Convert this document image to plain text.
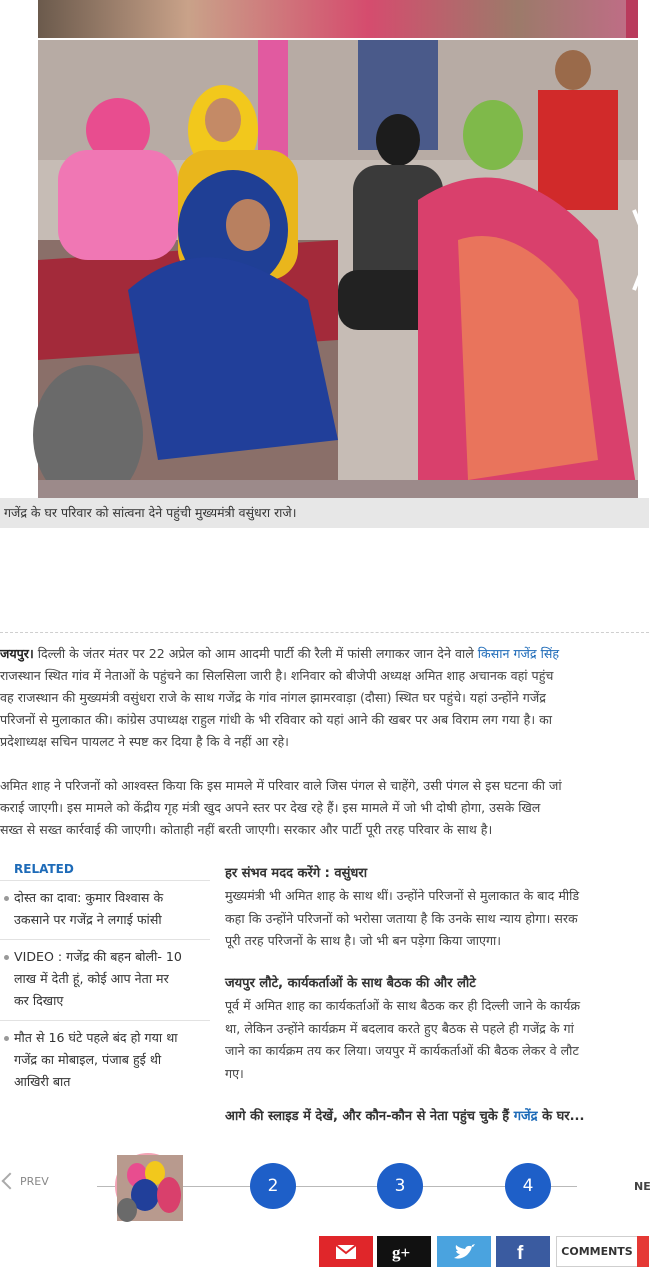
गजेंद्र के घर परिवार को सांत्वना देने पहुंची मुख्यमंत्री वसुंधरा राजे।
जयपुर। दिल्ली के जंतर मंतर पर 22 अप्रेल को आम आदमी पार्टी की रैली में फांसी लगाकर जान देने वाले किसान गजेंद्र सिंह
राजस्थान स्थित गांव में नेताओं के पहुंचने का सिलसिला जारी है। शनिवार को बीजेपी अध्यक्ष अमित शाह अचानक वहां पहुंच
वह राजस्थान की मुख्यमंत्री वसुंधरा राजे के साथ गजेंद्र के गांव नांगल झामरवाड़ा (दौसा) स्थित घर पहुंचे। यहां उन्होंने गजेंद्र
परिजनों से मुलाकात की। कांग्रेस उपाध्यक्ष राहुल गांधी के भी रविवार को यहां आने की खबर पर अब विराम लग गया है। का
प्रदेशाध्यक्ष सचिन पायलट ने स्पष्ट कर दिया है कि वे नहीं आ रहे।
अमित शाह ने परिजनों को आश्वस्त किया कि इस मामले में परिवार वाले जिस पंगल से चाहेंगे, उसी पंगल से इस घटना की जां
कराई जाएगी। इस मामले को केंद्रीय गृह मंत्री खुद अपने स्तर पर देख रहे हैं। इस मामले में जो भी दोषी होगा, उसके खिल
सख्त से सख्त कार्रवाई की जाएगी। कोताही नहीं बरती जाएगी। सरकार और पार्टी पूरी तरह परिवार के साथ है।
RELATED
दोस्त का दावा: कुमार विश्वास के
उकसाने पर गजेंद्र ने लगाई फांसी
VIDEO : गजेंद्र की बहन बोली- 10
लाख में देती हूं, कोई आप नेता मर
कर दिखाए
मौत से 16 घंटे पहले बंद हो गया था
गजेंद्र का मोबाइल, पंजाब हुई थी
आखिरी बात
हर संभव मदद करेंगे : वसुंधरा
मुख्यमंत्री भी अमित शाह के साथ थीं। उन्होंने परिजनों से मुलाकात के बाद मीडि
कहा कि उन्होंने परिजनों को भरोसा जताया है कि उनके साथ न्याय होगा। सरक
पूरी तरह परिजनों के साथ है। जो भी बन पड़ेगा किया जाएगा।
जयपुर लौटे, कार्यकर्ताओं के साथ बैठक की और लौटे
पूर्व में अमित शाह का कार्यकर्ताओं के साथ बैठक कर ही दिल्ली जाने के कार्यक्र
था, लेकिन उन्होंने कार्यक्रम में बदलाव करते हुए बैठक से पहले ही गजेंद्र के गां
जाने का कार्यक्रम तय कर लिया। जयपुर में कार्यकर्ताओं की बैठक लेकर वे लौट
गए।
आगे की स्लाइड में देखें, और कौन-कौन से नेता पहुंच चुके हैं गजेंद्र के घर...
PREV	2	3	4	NE
g+	f	COMMENTS
